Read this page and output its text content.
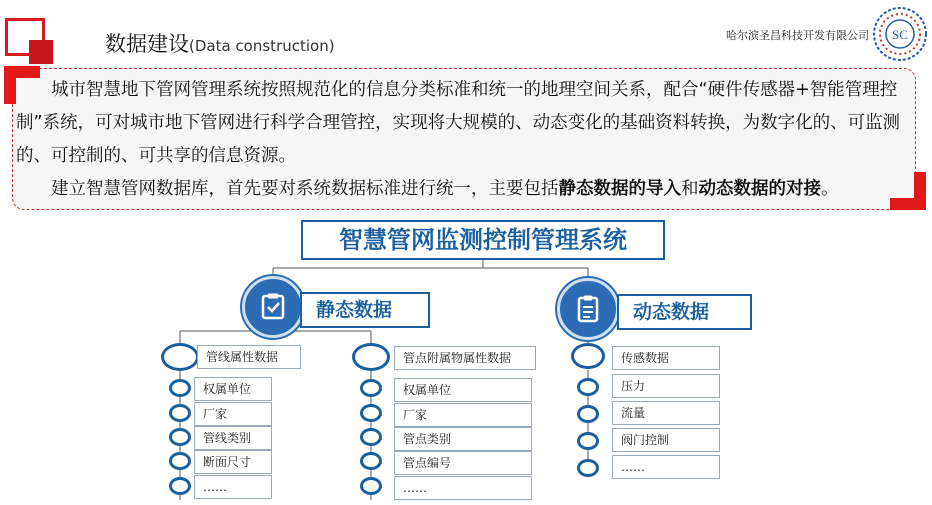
数据建设(Data construction)
哈尔滨圣昌科技开发有限公司 SC

城市智慧地下管网管理系统按照规范化的信息分类标准和统一的地理空间关系，配合“硬件传感器+智能管理控制”系统，可对城市地下管网进行科学合理管控，实现将大规模的、动态变化的基础资料转换，为数字化的、可监测的、可控制的、可共享的信息资源。

建立智慧管网数据库，首先要对系统数据标准进行统一，主要包括静态数据的导入和动态数据的对接。

智慧管网监测控制管理系统
静态数据	动态数据
管线属性数据
权属单位
厂家
管线类别
断面尺寸
……
管点附属物属性数据
权属单位
厂家
管点类别
管点编号
……
传感数据
压力
流量
阀门控制
……
